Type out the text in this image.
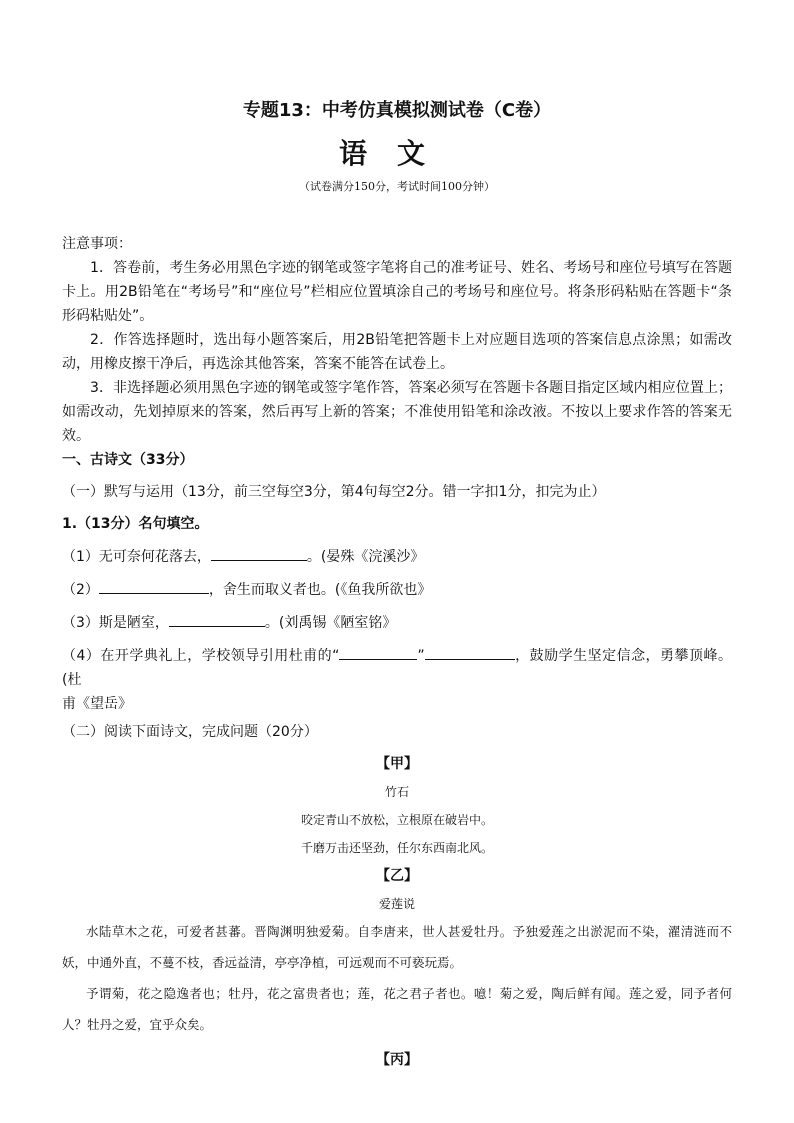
专题13：中考仿真模拟测试卷（C卷）
语文
（试卷满分150分，考试时间100分钟）

注意事项：

1．答卷前，考生务必用黑色字迹的钢笔或签字笔将自己的准考证号、姓名、考场号和座位号填写在答题卡上。用2B铅笔在“考场号”和“座位号”栏相应位置填涂自己的考场号和座位号。将条形码粘贴在答题卡“条形码粘贴处”。

2．作答选择题时，选出每小题答案后，用2B铅笔把答题卡上对应题目选项的答案信息点涂黑；如需改动，用橡皮擦干净后，再选涂其他答案，答案不能答在试卷上。

3．非选择题必须用黑色字迹的钢笔或签字笔作答，答案必须写在答题卡各题目指定区域内相应位置上；如需改动，先划掉原来的答案，然后再写上新的答案；不准使用铅笔和涂改液。不按以上要求作答的答案无效。

一、古诗文（33分）

（一）默写与运用（13分，前三空每空3分，第4句每空2分。错一字扣1分，扣完为止）

1.（13分）名句填空。

（1）无可奈何花落去，	。(晏殊《浣溪沙》

（2）	，舍生而取义者也。(《鱼我所欲也》

（3）斯是陋室，	。(刘禹锡《陋室铭》

（4）在开学典礼上，学校领导引用杜甫的“	”	，鼓励学生坚定信念，勇攀顶峰。(杜
甫《望岳》

（二）阅读下面诗文，完成问题（20分）

【甲】

竹石

咬定青山不放松，立根原在破岩中。

千磨万击还坚劲，任尔东西南北风。

【乙】

爱莲说

水陆草木之花，可爱者甚蕃。晋陶渊明独爱菊。自李唐来，世人甚爱牡丹。予独爱莲之出淤泥而不染，濯清涟而不妖，中通外直，不蔓不枝，香远益清，亭亭净植，可远观而不可亵玩焉。

予谓菊，花之隐逸者也；牡丹，花之富贵者也；莲，花之君子者也。噫！菊之爱，陶后鲜有闻。莲之爱，同予者何人？牡丹之爱，宜乎众矣。

【丙】
